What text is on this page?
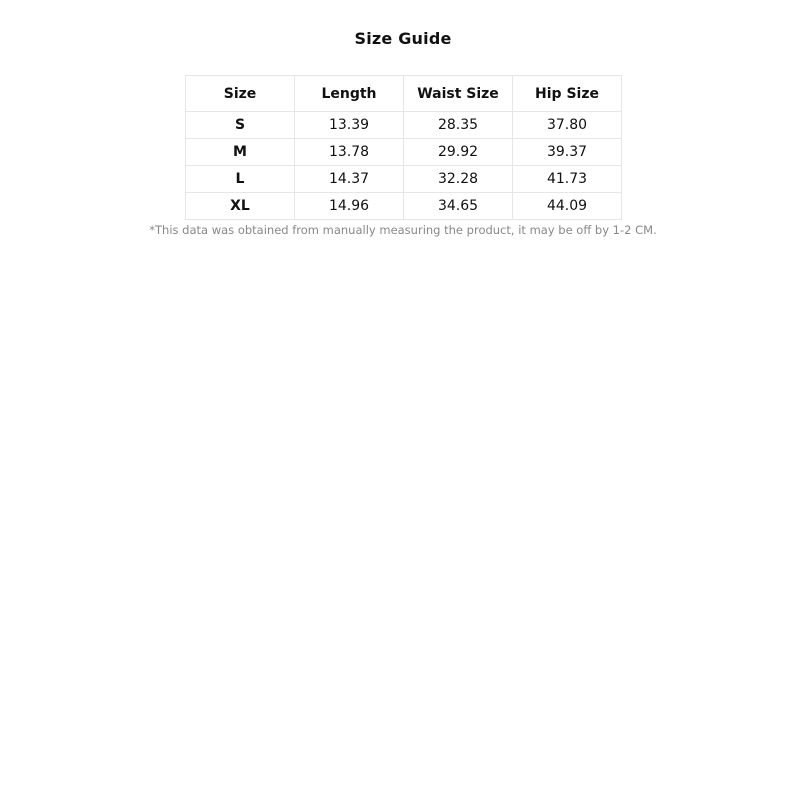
Size Guide
Size	Length	Waist Size	Hip Size
S	13.39	28.35	37.80
M	13.78	29.92	39.37
L	14.37	32.28	41.73
XL	14.96	34.65	44.09
*This data was obtained from manually measuring the product, it may be off by 1-2 CM.
